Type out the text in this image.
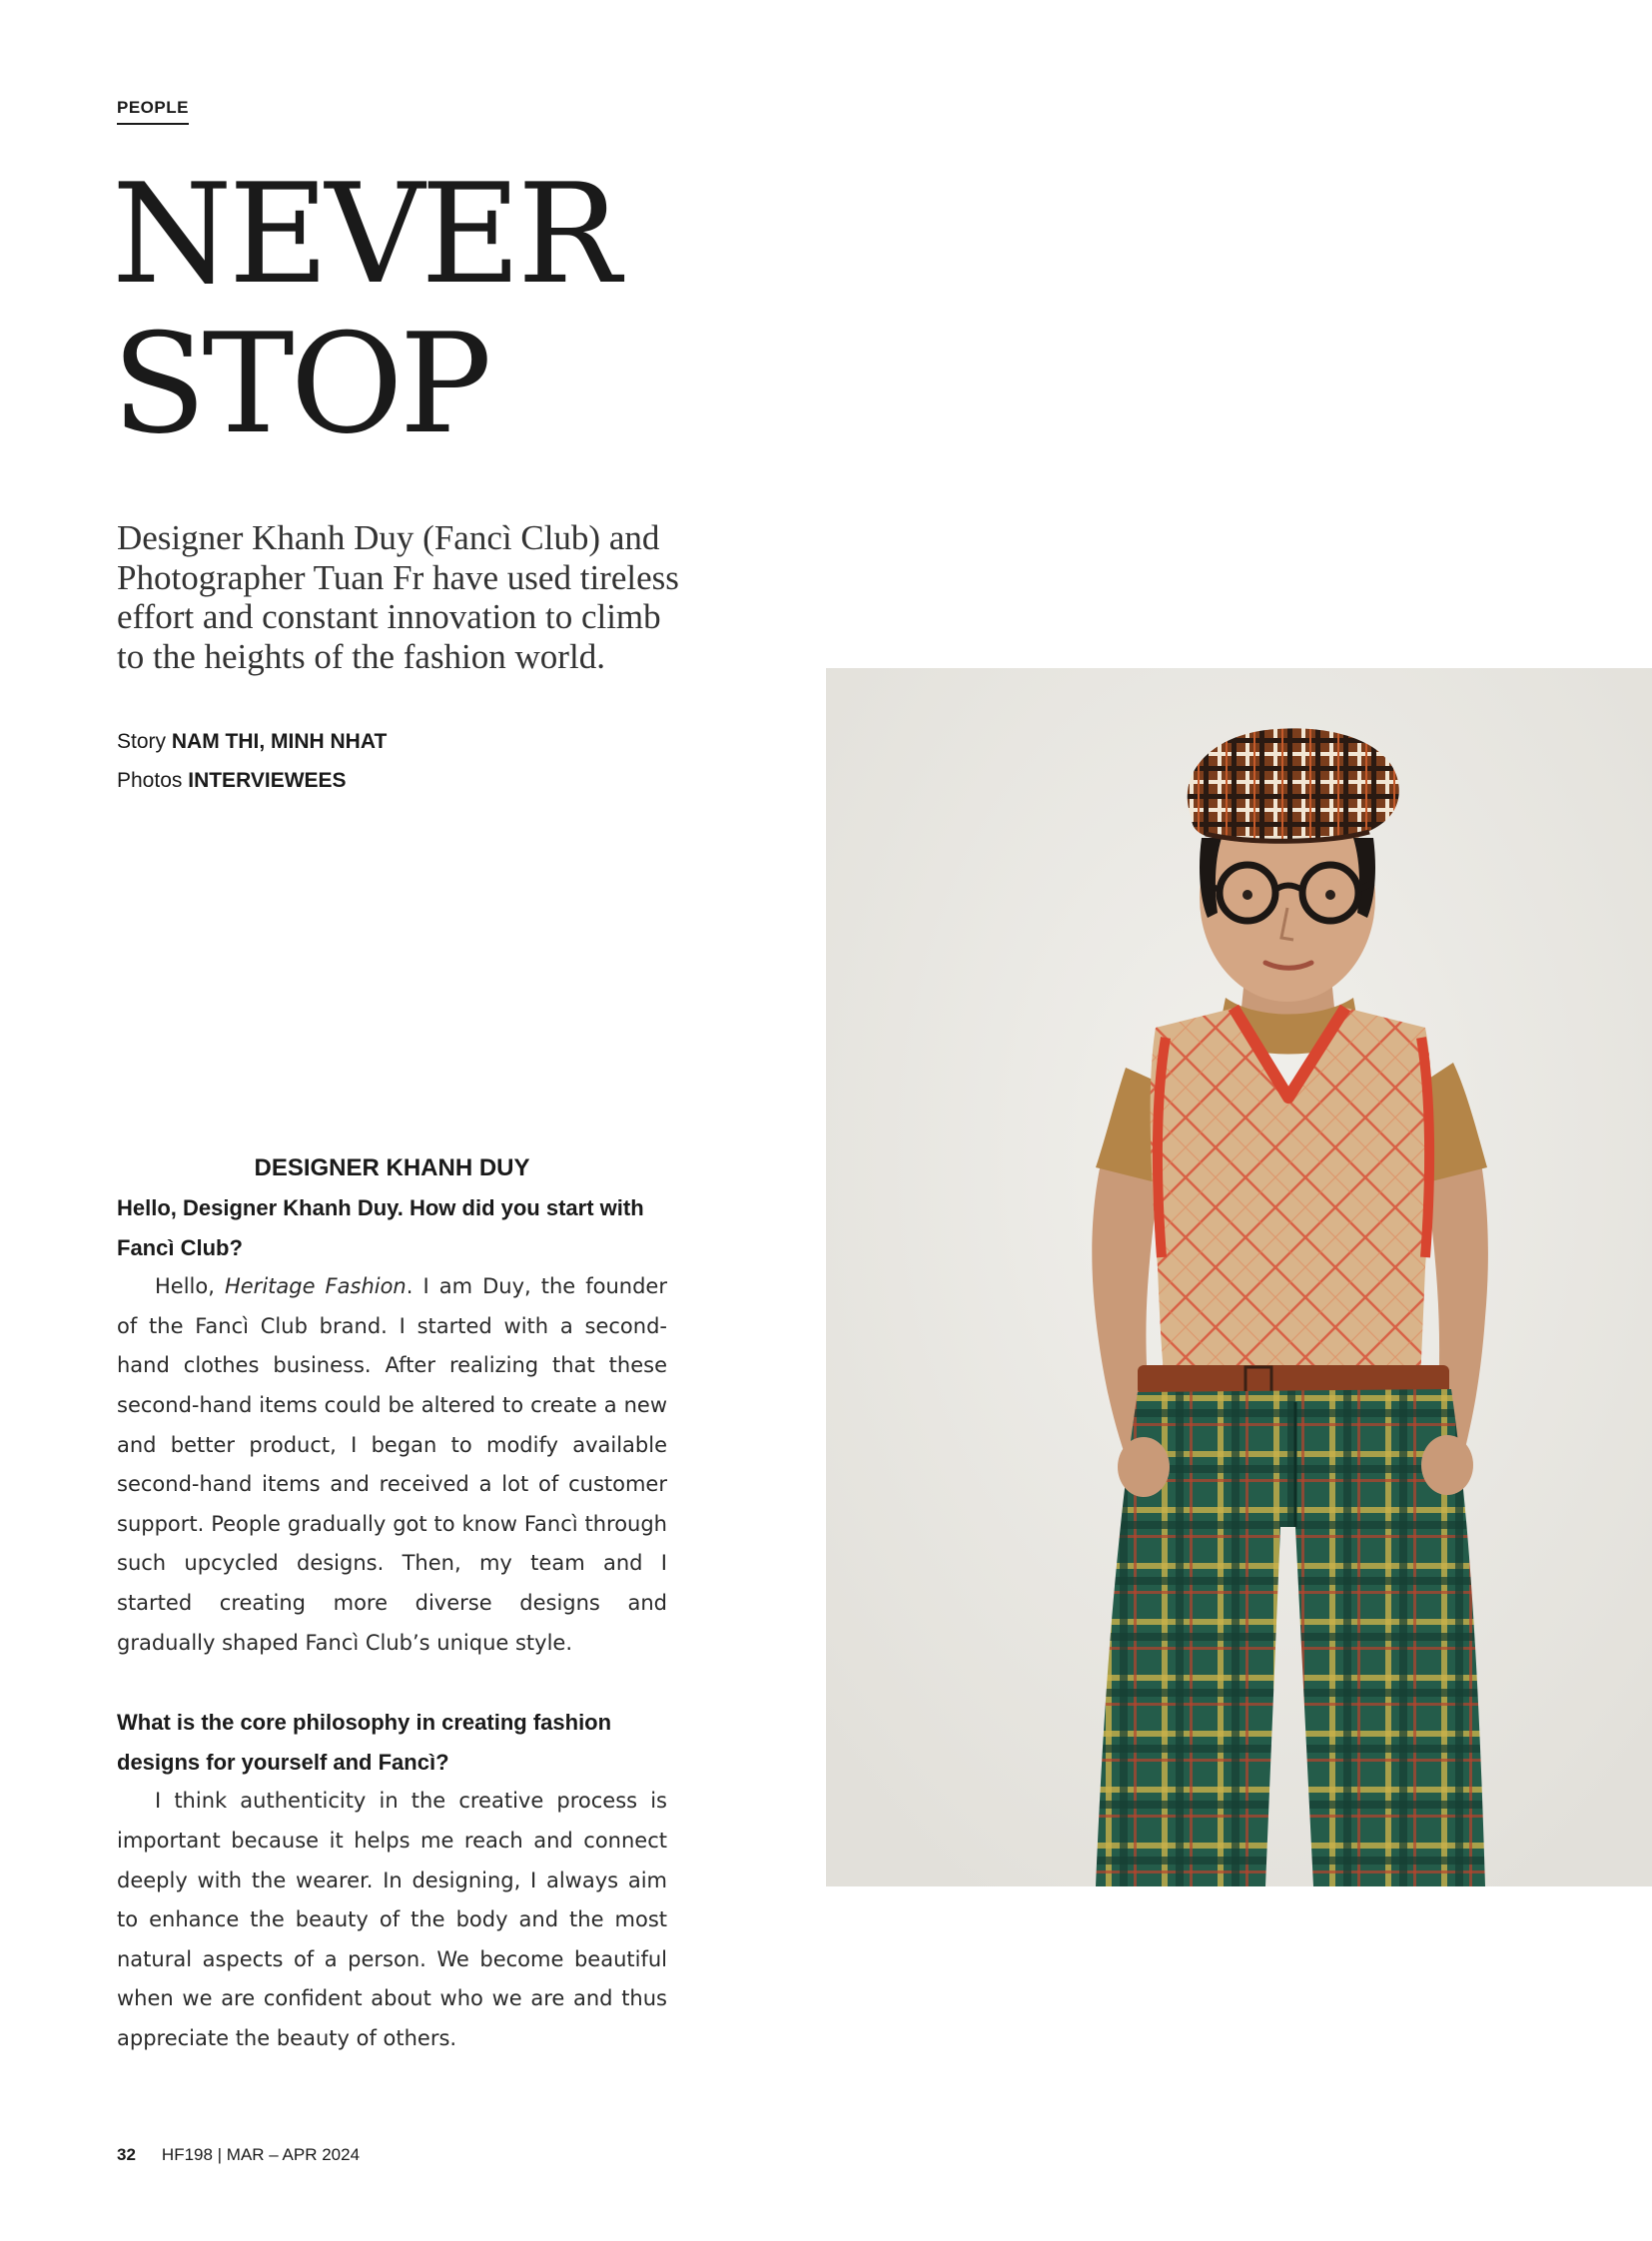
PEOPLE
NEVER
STOP

Designer Khanh Duy (Fancì Club) and Photographer Tuan Fr have used tireless effort and constant innovation to climb to the heights of the fashion world.

Story NAM THI, MINH NHAT
Photos INTERVIEWEES

DESIGNER KHANH DUY

Hello, Designer Khanh Duy. How did you start with Fancì Club?

Hello, Heritage Fashion. I am Duy, the founder of the Fancì Club brand. I started with a second-hand clothes business. After realizing that these second-hand items could be altered to create a new and better product, I began to modify available second-hand items and received a lot of customer support. People gradually got to know Fancì through such upcycled designs. Then, my team and I started creating more diverse designs and gradually shaped Fancì Club’s unique style.

What is the core philosophy in creating fashion designs for yourself and Fancì?

I think authenticity in the creative process is important because it helps me reach and connect deeply with the wearer. In designing, I always aim to enhance the beauty of the body and the most natural aspects of a person. We become beautiful when we are confident about who we are and thus appreciate the beauty of others.

32 HF198 | MAR – APR 2024
